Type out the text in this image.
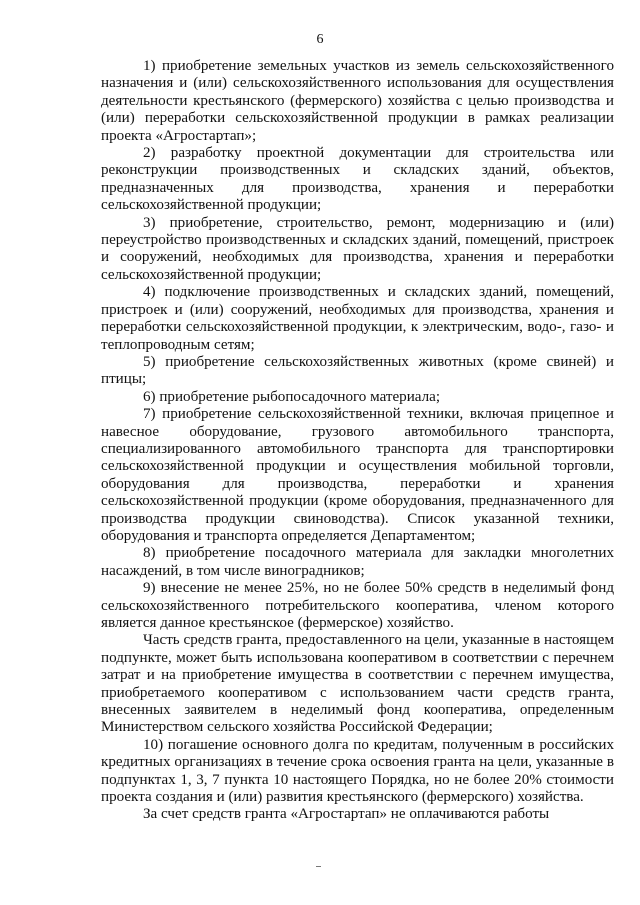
6

1) приобретение земельных участков из земель сельскохозяйственного назначения и (или) сельскохозяйственного использования для осуществления деятельности крестьянского (фермерского) хозяйства с целью производства и (или) переработки сельскохозяйственной продукции в рамках реализации проекта «Агростартап»;

2) разработку проектной документации для строительства или реконструкции производственных и складских зданий, объектов, предназначенных для производства, хранения и переработки сельскохозяйственной продукции;

3) приобретение, строительство, ремонт, модернизацию и (или) переустройство производственных и складских зданий, помещений, пристроек и сооружений, необходимых для производства, хранения и переработки сельскохозяйственной продукции;

4) подключение производственных и складских зданий, помещений, пристроек и (или) сооружений, необходимых для производства, хранения и переработки сельскохозяйственной продукции, к электрическим, водо-, газо- и теплопроводным сетям;

5) приобретение сельскохозяйственных животных (кроме свиней) и птицы;

6) приобретение рыбопосадочного материала;

7) приобретение сельскохозяйственной техники, включая прицепное и навесное оборудование, грузового автомобильного транспорта, специализированного автомобильного транспорта для транспортировки сельскохозяйственной продукции и осуществления мобильной торговли, оборудования для производства, переработки и хранения сельскохозяйственной продукции (кроме оборудования, предназначенного для производства продукции свиноводства). Список указанной техники, оборудования и транспорта определяется Департаментом;

8) приобретение посадочного материала для закладки многолетних насаждений, в том числе виноградников;

9) внесение не менее 25%, но не более 50% средств в неделимый фонд сельскохозяйственного потребительского кооператива, членом которого является данное крестьянское (фермерское) хозяйство.

Часть средств гранта, предоставленного на цели, указанные в настоящем подпункте, может быть использована кооперативом в соответствии с перечнем затрат и на приобретение имущества в соответствии с перечнем имущества, приобретаемого кооперативом с использованием части средств гранта, внесенных заявителем в неделимый фонд кооператива, определенным Министерством сельского хозяйства Российской Федерации;

10) погашение основного долга по кредитам, полученным в российских кредитных организациях в течение срока освоения гранта на цели, указанные в подпунктах 1, 3, 7 пункта 10 настоящего Порядка, но не более 20% стоимости проекта создания и (или) развития крестьянского (фермерского) хозяйства.

За счет средств гранта «Агростартап» не оплачиваются работы
